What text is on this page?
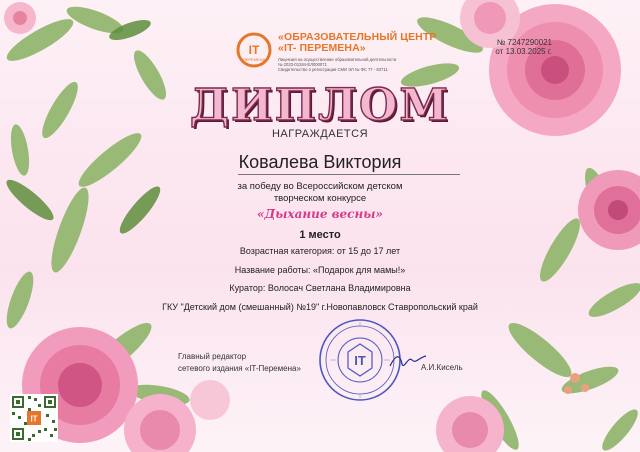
IT
ПЕРЕМЕНА
«ОБРАЗОВАТЕЛЬНЫЙ ЦЕНТР
«IT- ПЕРЕМЕНА»
Лицензия на осуществление образовательной деятельности
№ 2023-01284-ЕЛ000071
Свидетельство о регистрации СМИ ЭЛ № ФС 77 - 83711
№ 7247290021
от 13.03.2025 г.
ДИПЛОМ
НАГРАЖДАЕТСЯ
Ковалева Виктория
за победу во Всероссийском детском
творческом конкурсе
«Дыхание весны»
1 место
Возрастная категория: от 15 до 17 лет
Название работы: «Подарок для мамы!»
Куратор: Волосач Светлана Владимировна
ГКУ "Детский дом (смешанный) №19" г.Новопавловск Ставропольский край
Главный редактор
сетевого издания «IT-Перемена»	А.И.Кисель
IT
IT
